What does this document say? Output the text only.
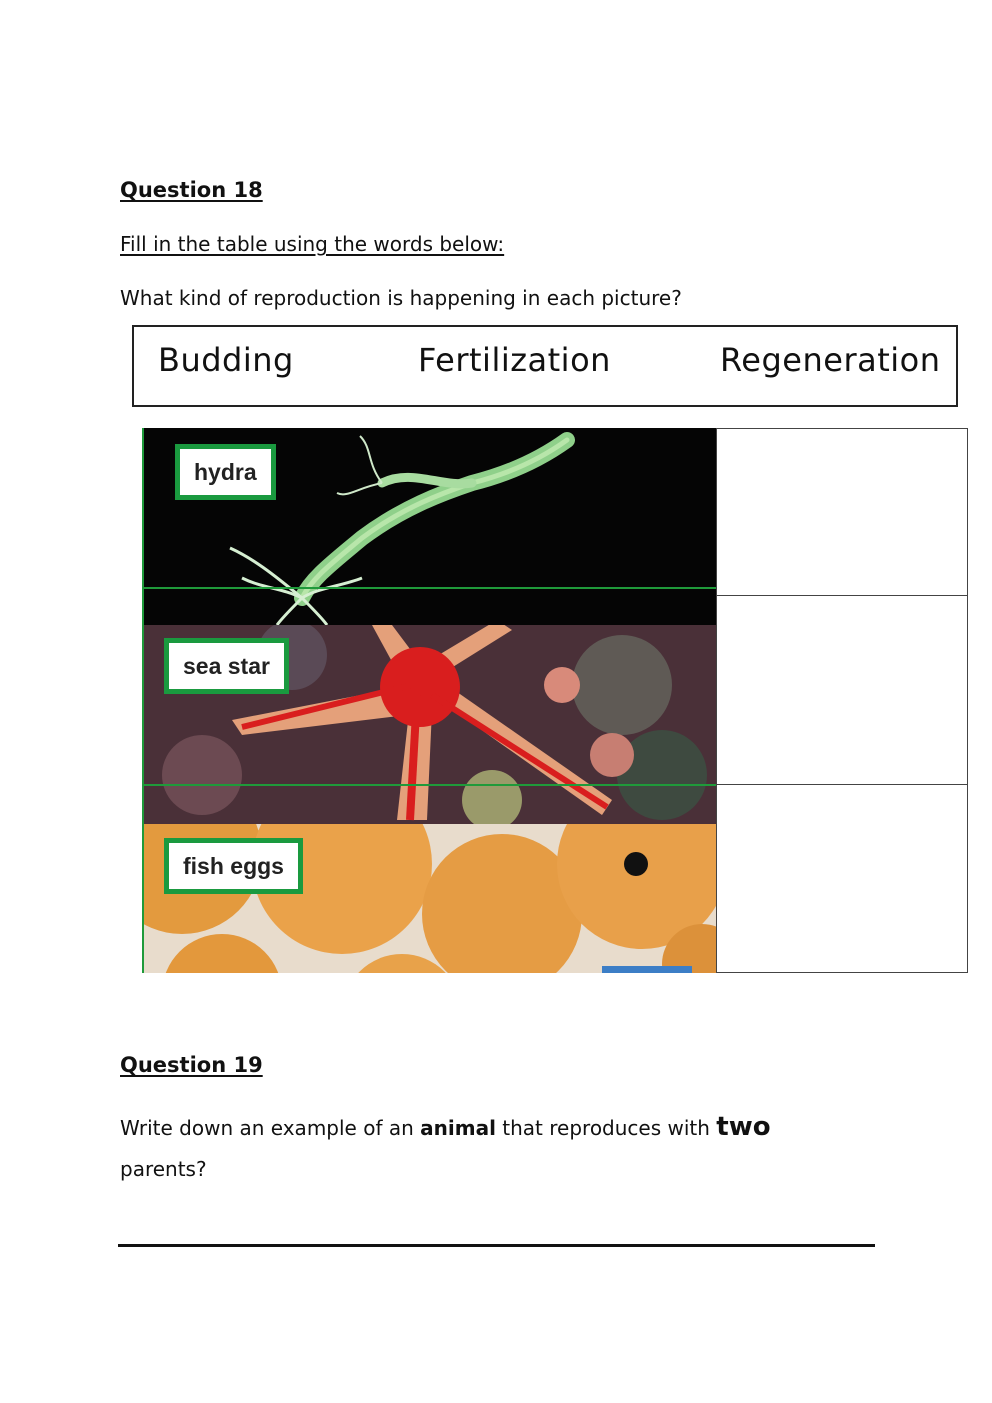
Question 18
Fill in the table using the words below:
What kind of reproduction is happening in each picture?
Budding	Fertilization	Regeneration
hydra
sea star
fish eggs
Question 19
Write down an example of an animal that reproduces with two
parents?
